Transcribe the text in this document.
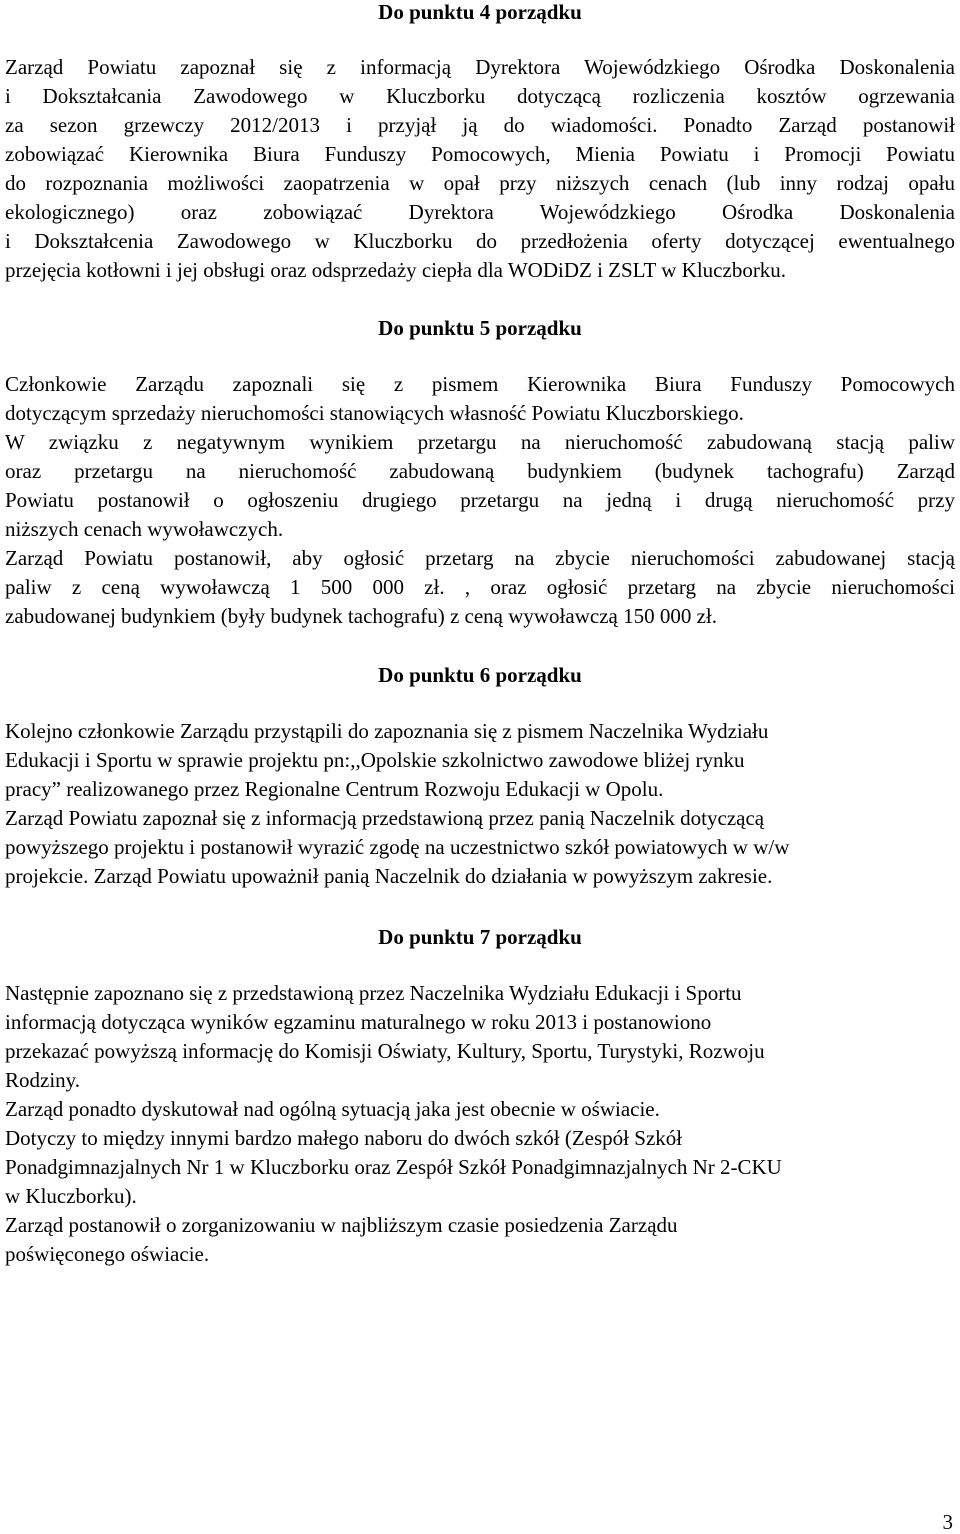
Do punktu 4 porządku

Zarząd Powiatu zapoznał się z informacją Dyrektora Wojewódzkiego Ośrodka Doskonalenia

i Dokształcania Zawodowego w Kluczborku dotyczącą rozliczenia kosztów ogrzewania

za sezon grzewczy 2012/2013 i przyjął ją do wiadomości. Ponadto Zarząd postanowił

zobowiązać Kierownika Biura Funduszy Pomocowych, Mienia Powiatu i Promocji Powiatu

do rozpoznania możliwości zaopatrzenia w opał przy niższych cenach (lub inny rodzaj opału

ekologicznego) oraz zobowiązać Dyrektora Wojewódzkiego Ośrodka Doskonalenia

i Dokształcenia Zawodowego w Kluczborku do przedłożenia oferty dotyczącej ewentualnego

przejęcia kotłowni i jej obsługi oraz odsprzedaży ciepła dla WODiDZ i ZSLT w Kluczborku.

Do punktu 5 porządku

Członkowie Zarządu zapoznali się z pismem Kierownika Biura Funduszy Pomocowych

dotyczącym sprzedaży nieruchomości stanowiących własność Powiatu Kluczborskiego.

W związku z negatywnym wynikiem przetargu na nieruchomość zabudowaną stacją paliw

oraz przetargu na nieruchomość zabudowaną budynkiem (budynek tachografu) Zarząd

Powiatu postanowił o ogłoszeniu drugiego przetargu na jedną i drugą nieruchomość przy

niższych cenach wywoławczych.

Zarząd Powiatu postanowił, aby ogłosić przetarg na zbycie nieruchomości zabudowanej stacją

paliw z ceną wywoławczą 1 500 000 zł. , oraz ogłosić przetarg na zbycie nieruchomości

zabudowanej budynkiem (były budynek tachografu) z ceną wywoławczą 150 000 zł.

Do punktu 6 porządku

Kolejno członkowie Zarządu przystąpili do zapoznania się z pismem Naczelnika Wydziału

Edukacji i Sportu w sprawie projektu pn:,,Opolskie szkolnictwo zawodowe bliżej rynku

pracy” realizowanego przez Regionalne Centrum Rozwoju Edukacji w Opolu.

Zarząd Powiatu zapoznał się z informacją przedstawioną przez panią Naczelnik dotyczącą

powyższego projektu i postanowił wyrazić zgodę na uczestnictwo szkół powiatowych w w/w

projekcie. Zarząd Powiatu upoważnił panią Naczelnik do działania w powyższym zakresie.

Do punktu 7 porządku

Następnie zapoznano się z przedstawioną przez Naczelnika Wydziału Edukacji i Sportu

informacją dotycząca wyników egzaminu maturalnego w roku 2013 i postanowiono

przekazać powyższą informację do Komisji Oświaty, Kultury, Sportu, Turystyki, Rozwoju

Rodziny.

Zarząd ponadto dyskutował nad ogólną sytuacją jaka jest obecnie w oświacie.

Dotyczy to między innymi bardzo małego naboru do dwóch szkół (Zespół Szkół

Ponadgimnazjalnych Nr 1 w Kluczborku oraz Zespół Szkół Ponadgimnazjalnych Nr 2-CKU

w Kluczborku).

Zarząd postanowił o zorganizowaniu w najbliższym czasie posiedzenia Zarządu

poświęconego oświacie.

3
